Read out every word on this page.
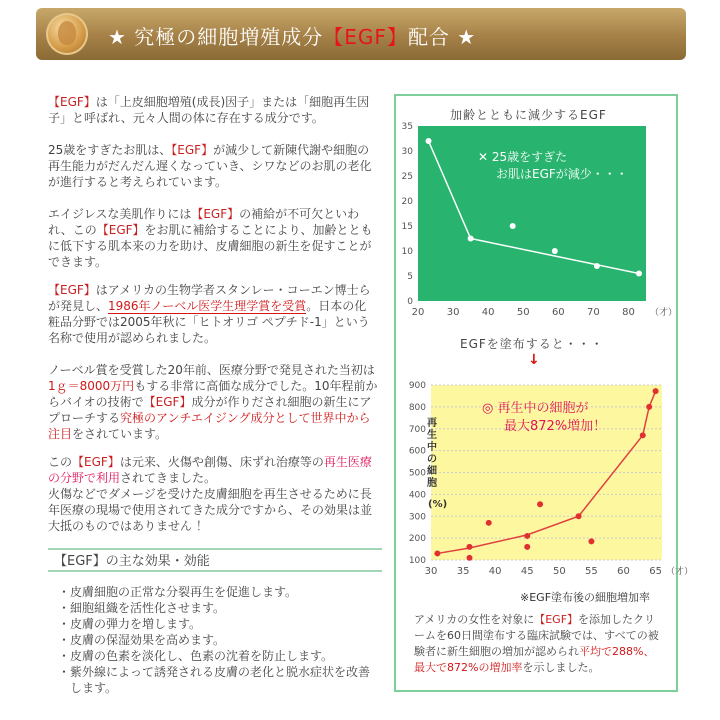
★ 究極の細胞増殖成分【EGF】配合 ★

【EGF】は「上皮細胞増殖(成長)因子」または「細胞再生因子」と呼ばれ、元々人間の体に存在する成分です。

25歳をすぎたお肌は、【EGF】が減少して新陳代謝や細胞の再生能力がだんだん遅くなっていき、シワなどのお肌の老化が進行すると考えられています。

エイジレスな美肌作りには【EGF】の補給が不可欠といわれ、この【EGF】をお肌に補給することにより、加齢とともに低下する肌本来の力を助け、皮膚細胞の新生を促すことができます。

【EGF】はアメリカの生物学者スタンレー・コーエン博士らが発見し、1986年ノーベル医学生理学賞を受賞。日本の化粧品分野では2005年秋に「ヒトオリゴ ペプチド-1」という名称で使用が認められました。

ノーベル賞を受賞した20年前、医療分野で発見された当初は1ｇ＝8000万円もする非常に高価な成分でした。10年程前からバイオの技術で【EGF】成分が作りだされ細胞の新生にアプローチする究極のアンチエイジング成分として世界中から注目をされています。

この【EGF】は元来、火傷や創傷、床ずれ治療等の再生医療の分野で利用されてきました。
火傷などでダメージを受けた皮膚細胞を再生させるために長年医療の現場で使用されてきた成分ですから、その効果は並大抵のものではありません ！

【EGF】の主な効果・効能
・皮膚細胞の正常な分裂再生を促進します。
・細胞組織を活性化させます。
・皮膚の弾力を増します。
・皮膚の保湿効果を高めます。
・皮膚の色素を淡化し、色素の沈着を防止します。
・紫外線によって誘発される皮膚の老化と脱水症状を改善します。
加齢とともに減少するEGF
0
5
10
15
20
25
30
35
20 30 40 50 60 70 80 （才）
✕ 25歳をすぎた
お肌はEGFが減少・・・
EGFを塗布すると・・・
↓
100
200
300
400
500
600
700
800
900
30 35 40 45 50 55 60 65 （才）
◎ 再生中の細胞が
最大872%増加！
再生中の細胞
(%)
※EGF塗布後の細胞増加率

アメリカの女性を対象に【EGF】を添加したクリームを60日間塗布する臨床試験では、すべての被験者に新生細胞の増加が認められ平均で288%、最大で872%の増加率を示しました。
